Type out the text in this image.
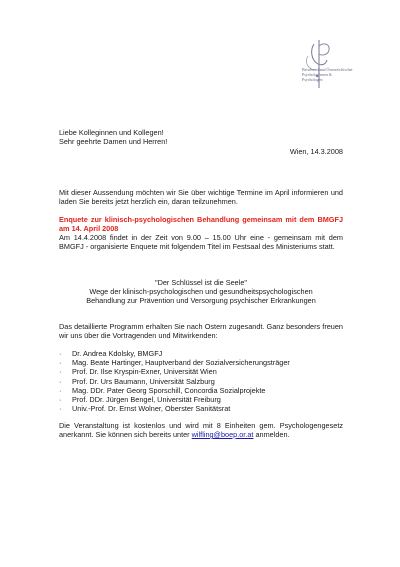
Berufsverband Österreichischer
PsychologInnen &
Psychologen
Liebe Kolleginnen und Kollegen!
Sehr geehrte Damen und Herren!
Wien, 14.3.2008
Mit dieser Aussendung möchten wir Sie über wichtige Termine im April informieren und laden Sie bereits jetzt herzlich ein, daran teilzunehmen.
Enquete zur klinisch-psychologischen Behandlung gemeinsam mit dem BMGFJ am 14. April 2008
Am 14.4.2008 findet in der Zeit von 9.00 – 15.00 Uhr eine - gemeinsam mit dem BMGFJ - organisierte Enquete mit folgendem Titel im Festsaal des Ministeriums statt.
"Der Schlüssel ist die Seele"
Wege der klinisch-psychologischen und gesundheitspsychologischen
Behandlung zur Prävention und Versorgung psychischer Erkrankungen
Das detaillierte Programm erhalten Sie nach Ostern zugesandt. Ganz besonders freuen wir uns über die Vortragenden und Mitwirkenden:
· Dr. Andrea Kdolsky, BMGFJ
· Mag. Beate Hartinger, Hauptverband der Sozialversicherungsträger
· Prof. Dr. Ilse Kryspin-Exner, Universität Wien
· Prof. Dr. Urs Baumann, Universität Salzburg
· Mag. DDr. Pater Georg Sporschill, Concordia Sozialprojekte
· Prof. DDr. Jürgen Bengel, Universität Freiburg
· Univ.-Prof. Dr. Ernst Wolner, Oberster Sanitätsrat
Die Veranstaltung ist kostenlos und wird mit 8 Einheiten gem. Psychologengesetz anerkannt. Sie können sich bereits unter wilfling@boep.or.at anmelden.
